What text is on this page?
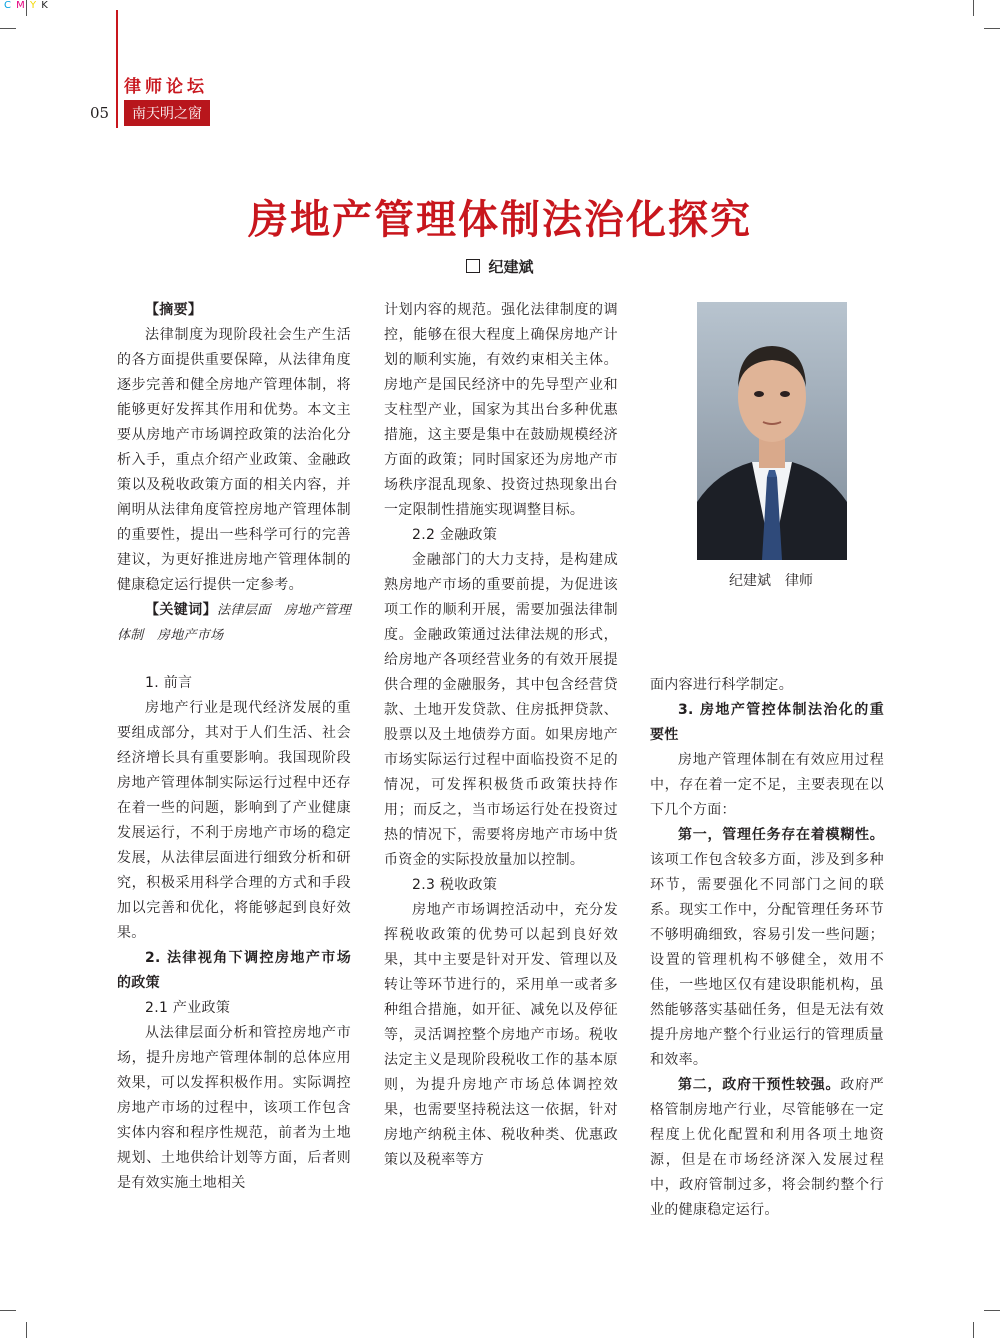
C M Y K
律师论坛
05	南天明之窗
房地产管理体制法治化探究
纪建斌

【摘要】

法律制度为现阶段社会生产生活的各方面提供重要保障，从法律角度逐步完善和健全房地产管理体制，将能够更好发挥其作用和优势。本文主要从房地产市场调控政策的法治化分析入手，重点介绍产业政策、金融政策以及税收政策方面的相关内容，并阐明从法律角度管控房地产管理体制的重要性，提出一些科学可行的完善建议，为更好推进房地产管理体制的健康稳定运行提供一定参考。

【关键词】法律层面　房地产管理体制　房地产市场

1. 前言

房地产行业是现代经济发展的重要组成部分，其对于人们生活、社会经济增长具有重要影响。我国现阶段房地产管理体制实际运行过程中还存在着一些的问题，影响到了产业健康发展运行，不利于房地产市场的稳定发展，从法律层面进行细致分析和研究，积极采用科学合理的方式和手段加以完善和优化，将能够起到良好效果。

2. 法律视角下调控房地产市场的政策

2.1 产业政策

从法律层面分析和管控房地产市场，提升房地产管理体制的总体应用效果，可以发挥积极作用。实际调控房地产市场的过程中，该项工作包含实体内容和程序性规范，前者为土地规划、土地供给计划等方面，后者则是有效实施土地相关

计划内容的规范。强化法律制度的调控，能够在很大程度上确保房地产计划的顺利实施，有效约束相关主体。房地产是国民经济中的先导型产业和支柱型产业，国家为其出台多种优惠措施，这主要是集中在鼓励规模经济方面的政策；同时国家还为房地产市场秩序混乱现象、投资过热现象出台一定限制性措施实现调整目标。

2.2 金融政策

金融部门的大力支持，是构建成熟房地产市场的重要前提，为促进该项工作的顺利开展，需要加强法律制度。金融政策通过法律法规的形式，给房地产各项经营业务的有效开展提供合理的金融服务，其中包含经营贷款、土地开发贷款、住房抵押贷款、股票以及土地债券方面。如果房地产市场实际运行过程中面临投资不足的情况，可发挥积极货币政策扶持作用；而反之，当市场运行处在投资过热的情况下，需要将房地产市场中货币资金的实际投放量加以控制。

2.3 税收政策

房地产市场调控活动中，充分发挥税收政策的优势可以起到良好效果，其中主要是针对开发、管理以及转让等环节进行的，采用单一或者多种组合措施，如开征、减免以及停征等，灵活调控整个房地产市场。税收法定主义是现阶段税收工作的基本原则，为提升房地产市场总体调控效果，也需要坚持税法这一依据，针对房地产纳税主体、税收种类、优惠政策以及税率等方

纪建斌　律师

面内容进行科学制定。

3. 房地产管控体制法治化的重要性

房地产管理体制在有效应用过程中，存在着一定不足，主要表现在以下几个方面：

第一，管理任务存在着模糊性。该项工作包含较多方面，涉及到多种环节，需要强化不同部门之间的联系。现实工作中，分配管理任务环节不够明确细致，容易引发一些问题；设置的管理机构不够健全，效用不佳，一些地区仅有建设职能机构，虽然能够落实基础任务，但是无法有效提升房地产整个行业运行的管理质量和效率。

第二，政府干预性较强。政府严格管制房地产行业，尽管能够在一定程度上优化配置和利用各项土地资源，但是在市场经济深入发展过程中，政府管制过多，将会制约整个行业的健康稳定运行。
